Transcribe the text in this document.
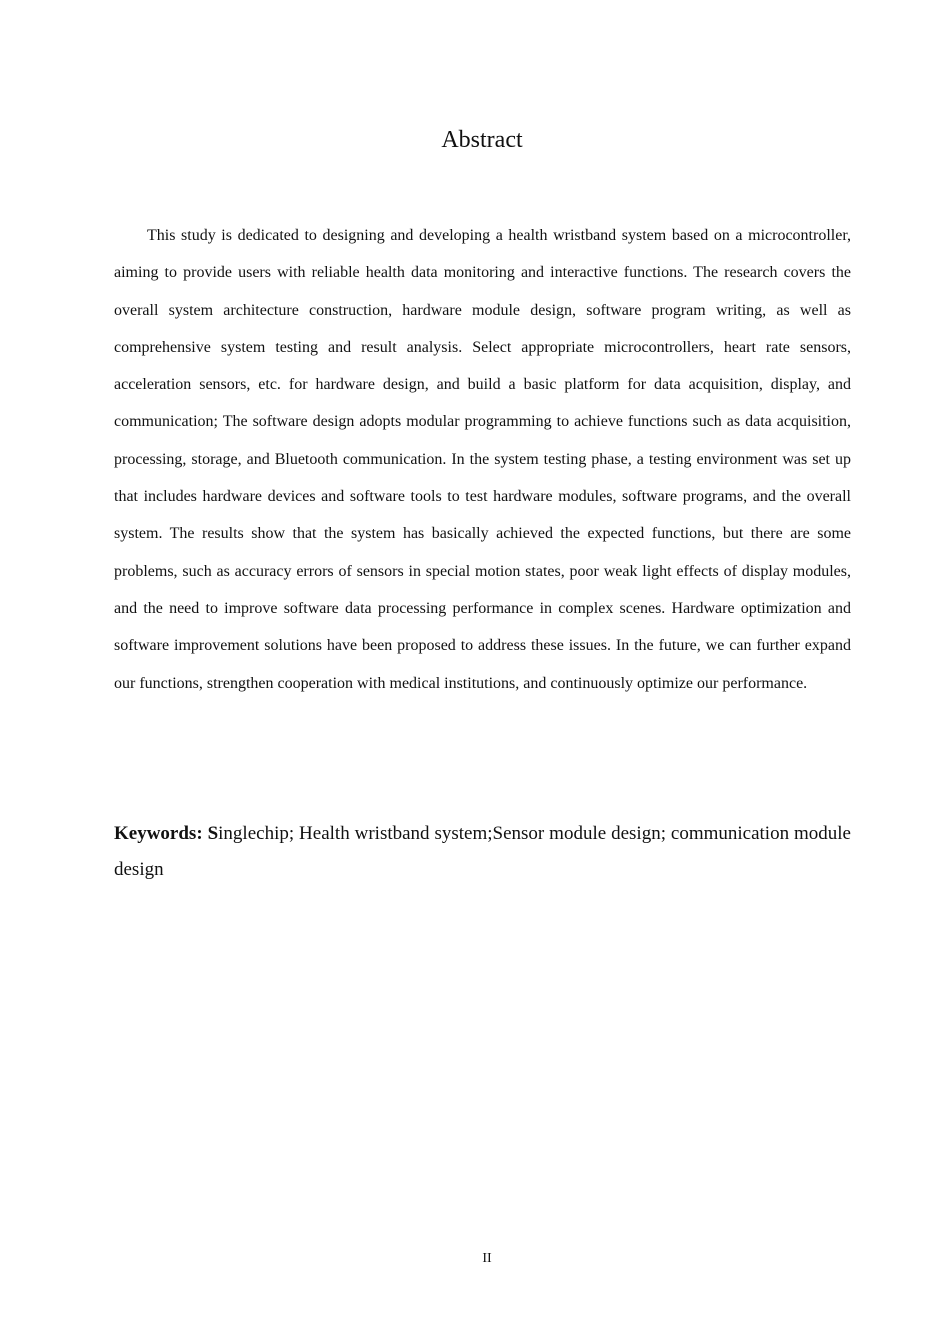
Abstract

This study is dedicated to designing and developing a health wristband system based on a microcontroller, aiming to provide users with reliable health data monitoring and interactive functions. The research covers the overall system architecture construction, hardware module design, software program writing, as well as comprehensive system testing and result analysis. Select appropriate microcontrollers, heart rate sensors, acceleration sensors, etc. for hardware design, and build a basic platform for data acquisition, display, and communication; The software design adopts modular programming to achieve functions such as data acquisition, processing, storage, and Bluetooth communication. In the system testing phase, a testing environment was set up that includes hardware devices and software tools to test hardware modules, software programs, and the overall system. The results show that the system has basically achieved the expected functions, but there are some problems, such as accuracy errors of sensors in special motion states, poor weak light effects of display modules, and the need to improve software data processing performance in complex scenes. Hardware optimization and software improvement solutions have been proposed to address these issues. In the future, we can further expand our functions, strengthen cooperation with medical institutions, and continuously optimize our performance.

Keywords: Singlechip; Health wristband system;Sensor module design; communication module design

II
